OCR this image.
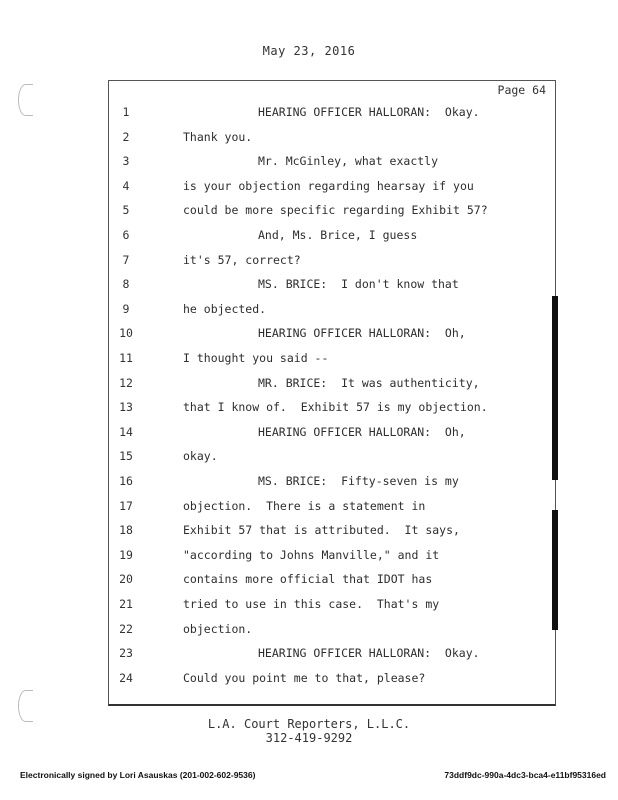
May 23, 2016
Page 64
1	HEARING OFFICER HALLORAN:  Okay.
2	Thank you.
3	Mr. McGinley, what exactly
4	is your objection regarding hearsay if you
5	could be more specific regarding Exhibit 57?
6	And, Ms. Brice, I guess
7	it's 57, correct?
8	MS. BRICE:  I don't know that
9	he objected.
10	HEARING OFFICER HALLORAN:  Oh,
11	I thought you said --
12	MR. BRICE:  It was authenticity,
13	that I know of.  Exhibit 57 is my objection.
14	HEARING OFFICER HALLORAN:  Oh,
15	okay.
16	MS. BRICE:  Fifty-seven is my
17	objection.  There is a statement in
18	Exhibit 57 that is attributed.  It says,
19	"according to Johns Manville," and it
20	contains more official that IDOT has
21	tried to use in this case.  That's my
22	objection.
23	HEARING OFFICER HALLORAN:  Okay.
24	Could you point me to that, please?
L.A. Court Reporters, L.L.C.
312-419-9292
Electronically signed by Lori Asauskas (201-002-602-9536)	73ddf9dc-990a-4dc3-bca4-e11bf95316ed
